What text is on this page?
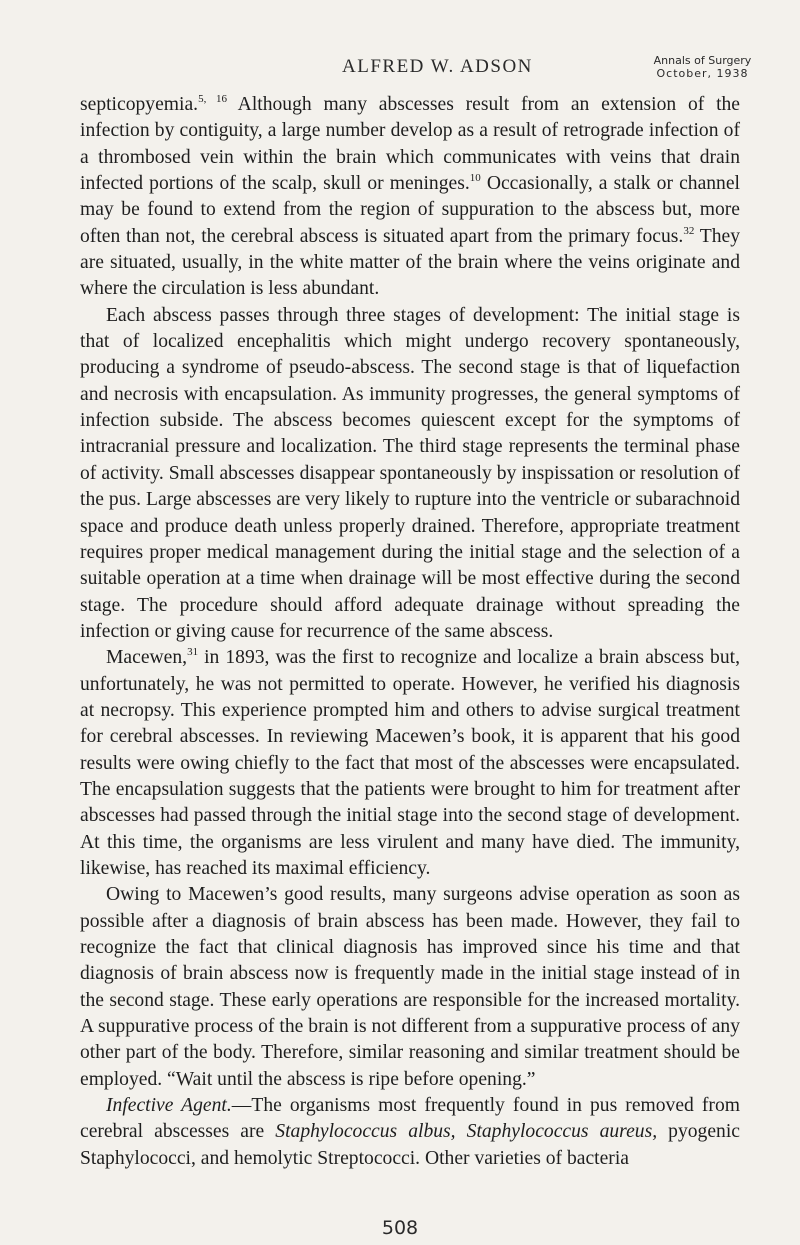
ALFRED W. ADSON	Annals of Surgery
October, 1938

septicopyemia.$^{5, 16}$ Although many abscesses result from an extension of the infection by contiguity, a large number develop as a result of retrograde infection of a thrombosed vein within the brain which communicates with veins that drain infected portions of the scalp, skull or meninges.$^{10}$ Occasionally, a stalk or channel may be found to extend from the region of suppuration to the abscess but, more often than not, the cerebral abscess is situated apart from the primary focus.$^{32}$ They are situated, usually, in the white matter of the brain where the veins originate and where the circulation is less abundant.

Each abscess passes through three stages of development: The initial stage is that of localized encephalitis which might undergo recovery spontaneously, producing a syndrome of pseudo-abscess. The second stage is that of liquefaction and necrosis with encapsulation. As immunity progresses, the general symptoms of infection subside. The abscess becomes quiescent except for the symptoms of intracranial pressure and localization. The third stage represents the terminal phase of activity. Small abscesses disappear spontaneously by inspissation or resolution of the pus. Large abscesses are very likely to rupture into the ventricle or subarachnoid space and produce death unless properly drained. Therefore, appropriate treatment requires proper medical management during the initial stage and the selection of a suitable operation at a time when drainage will be most effective during the second stage. The procedure should afford adequate drainage without spreading the infection or giving cause for recurrence of the same abscess.

Macewen,$^{31}$ in 1893, was the first to recognize and localize a brain abscess but, unfortunately, he was not permitted to operate. However, he verified his diagnosis at necropsy. This experience prompted him and others to advise surgical treatment for cerebral abscesses. In reviewing Macewen’s book, it is apparent that his good results were owing chiefly to the fact that most of the abscesses were encapsulated. The encapsulation suggests that the patients were brought to him for treatment after abscesses had passed through the initial stage into the second stage of development. At this time, the organisms are less virulent and many have died. The immunity, likewise, has reached its maximal efficiency.

Owing to Macewen’s good results, many surgeons advise operation as soon as possible after a diagnosis of brain abscess has been made. However, they fail to recognize the fact that clinical diagnosis has improved since his time and that diagnosis of brain abscess now is frequently made in the initial stage instead of in the second stage. These early operations are responsible for the increased mortality. A suppurative process of the brain is not different from a suppurative process of any other part of the body. Therefore, similar reasoning and similar treatment should be employed. “Wait until the abscess is ripe before opening.”

Infective Agent.—The organisms most frequently found in pus removed from cerebral abscesses are Staphylococcus albus, Staphylococcus aureus, pyogenic Staphylococci, and hemolytic Streptococci. Other varieties of bacteria

508
